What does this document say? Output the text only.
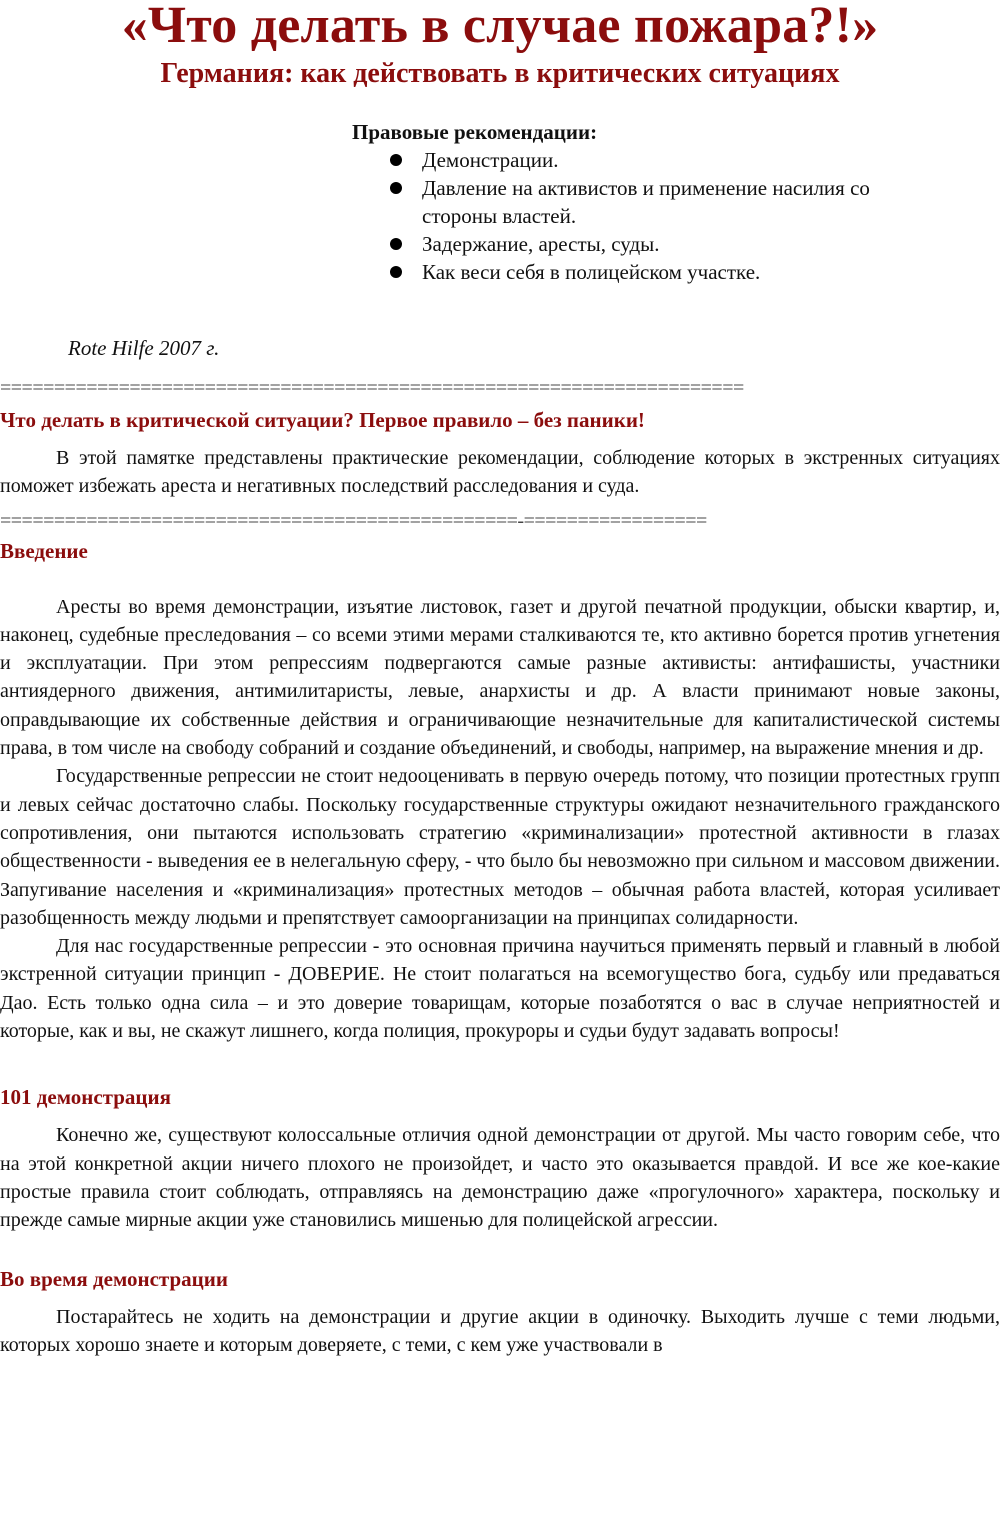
«Что делать в случае пожара?!»
Германия: как действовать в критических ситуациях
Правовые рекомендации:
Демонстрации.
Давление на активистов и применение насилия со стороны властей.
Задержание, аресты, суды.
Как веси себя в полицейском участке.
Rote Hilfe 2007 г.
=====================================================================
Что делать в критической ситуации? Первое правило – без паники!

В этой памятке представлены практические рекомендации, соблюдение которых в экстренных ситуациях поможет избежать ареста и негативных последствий расследования и суда.

================================================-=================
Введение

Аресты во время демонстрации, изъятие листовок, газет и другой печатной продукции, обыски квартир, и, наконец, судебные преследования – со всеми этими мерами сталкиваются те, кто активно борется против угнетения и эксплуатации. При этом репрессиям подвергаются самые разные активисты: антифашисты, участники антиядерного движения, антимилитаристы, левые, анархисты и др. А власти принимают новые законы, оправдывающие их собственные действия и ограничивающие незначительные для капиталистической системы права, в том числе на свободу собраний и создание объединений, и свободы, например, на выражение мнения и др.

Государственные репрессии не стоит недооценивать в первую очередь потому, что позиции протестных групп и левых сейчас достаточно слабы. Поскольку государственные структуры ожидают незначительного гражданского сопротивления, они пытаются использовать стратегию «криминализации» протестной активности в глазах общественности - выведения ее в нелегальную сферу, - что было бы невозможно при сильном и массовом движении. Запугивание населения и «криминализация» протестных методов – обычная работа властей, которая усиливает разобщенность между людьми и препятствует самоорганизации на принципах солидарности.

Для нас государственные репрессии - это основная причина научиться применять первый и главный в любой экстренной ситуации принцип - ДОВЕРИЕ. Не стоит полагаться на всемогущество бога, судьбу или предаваться Дао. Есть только одна сила – и это доверие товарищам, которые позаботятся о вас в случае неприятностей и которые, как и вы, не скажут лишнего, когда полиция, прокуроры и судьи будут задавать вопросы!

101 демонстрация

Конечно же, существуют колоссальные отличия одной демонстрации от другой. Мы часто говорим себе, что на этой конкретной акции ничего плохого не произойдет, и часто это оказывается правдой. И все же кое-какие простые правила стоит соблюдать, отправляясь на демонстрацию даже «прогулочного» характера, поскольку и прежде самые мирные акции уже становились мишенью для полицейской агрессии.

Во время демонстрации

Постарайтесь не ходить на демонстрации и другие акции в одиночку. Выходить лучше с теми людьми, которых хорошо знаете и которым доверяете, с теми, с кем уже участвовали в
